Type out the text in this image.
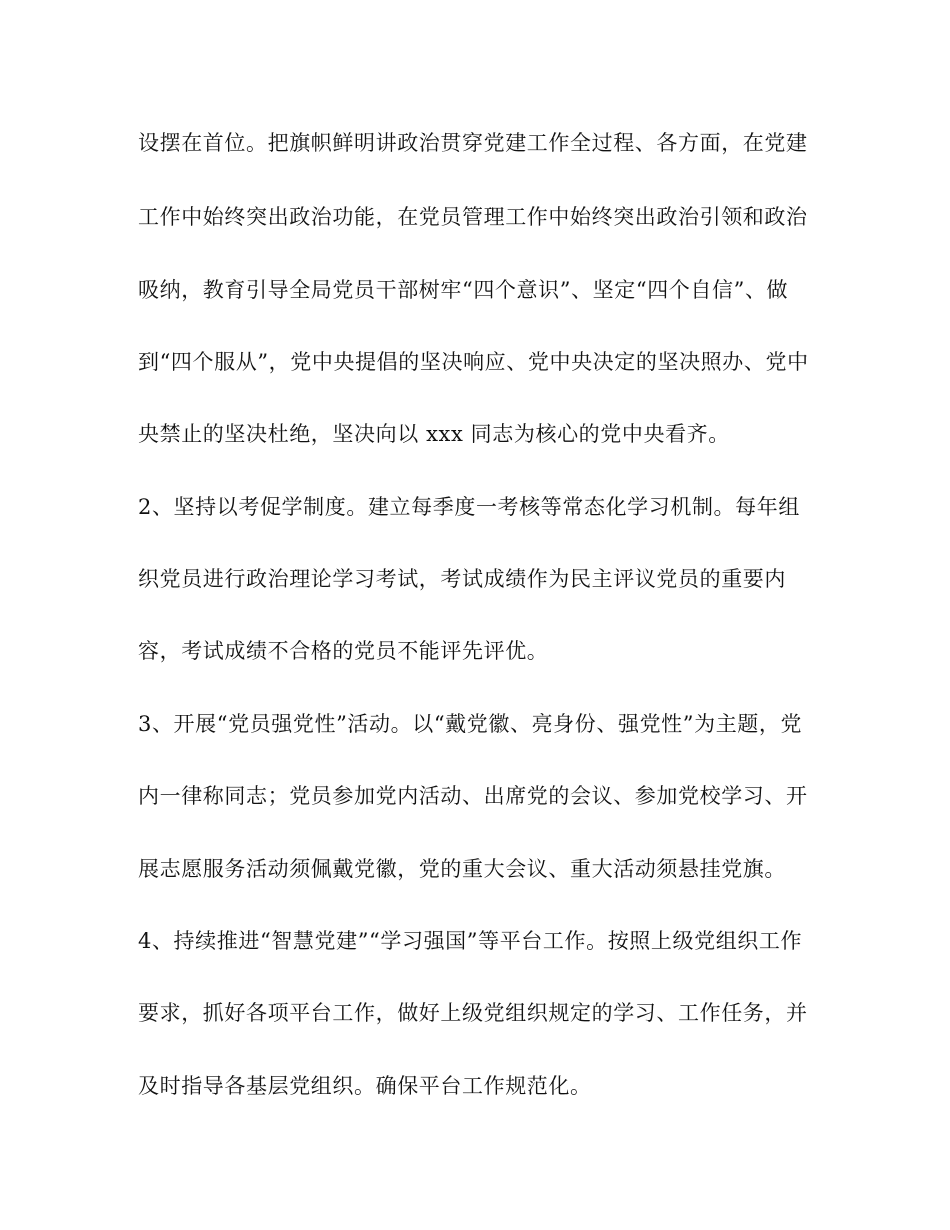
设摆在首位。把旗帜鲜明讲政治贯穿党建工作全过程、各方面，在党建
工作中始终突出政治功能，在党员管理工作中始终突出政治引领和政治
吸纳，教育引导全局党员干部树牢“四个意识”、坚定“四个自信”、做
到“四个服从”，党中央提倡的坚决响应、党中央决定的坚决照办、党中
央禁止的坚决杜绝，坚决向以 xxx 同志为核心的党中央看齐。
2、坚持以考促学制度。建立每季度一考核等常态化学习机制。每年组
织党员进行政治理论学习考试，考试成绩作为民主评议党员的重要内
容，考试成绩不合格的党员不能评先评优。
3、开展“党员强党性”活动。以“戴党徽、亮身份、强党性”为主题，党
内一律称同志；党员参加党内活动、出席党的会议、参加党校学习、开
展志愿服务活动须佩戴党徽，党的重大会议、重大活动须悬挂党旗。
4、持续推进“智慧党建”“学习强国”等平台工作。按照上级党组织工作
要求，抓好各项平台工作，做好上级党组织规定的学习、工作任务，并
及时指导各基层党组织。确保平台工作规范化。
